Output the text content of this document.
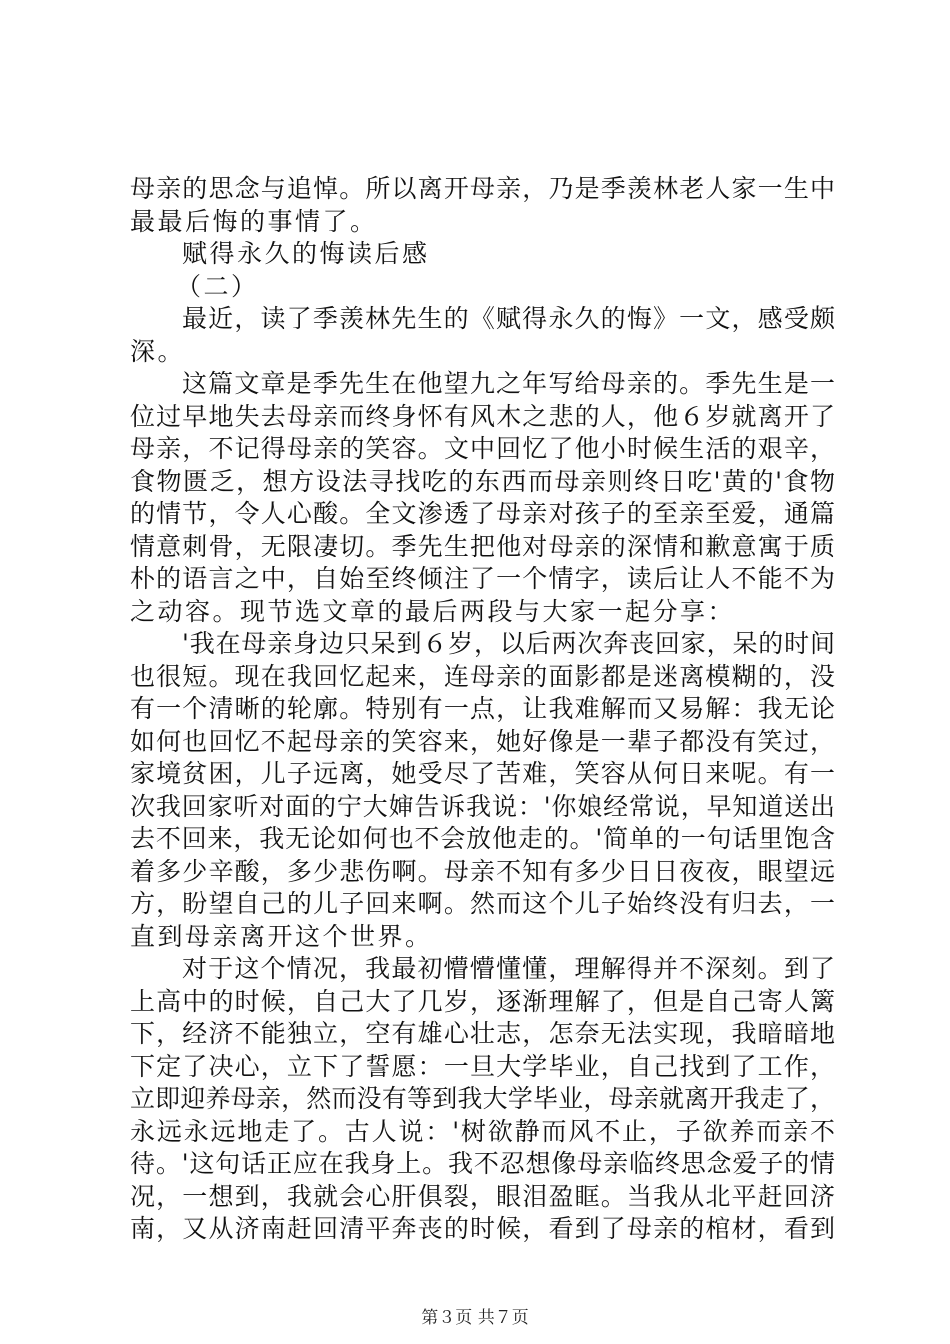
母亲的思念与追悼。所以离开母亲，乃是季羡林老人家一生中
最最后悔的事情了。
赋得永久的悔读后感
（二）
最近，读了季羡林先生的《赋得永久的悔》一文，感受颇
深。
这篇文章是季先生在他望九之年写给母亲的。季先生是一
位过早地失去母亲而终身怀有风木之悲的人，他６岁就离开了
母亲，不记得母亲的笑容。文中回忆了他小时候生活的艰辛，
食物匮乏，想方设法寻找吃的东西而母亲则终日吃'黄的'食物
的情节，令人心酸。全文渗透了母亲对孩子的至亲至爱，通篇
情意刺骨，无限凄切。季先生把他对母亲的深情和歉意寓于质
朴的语言之中，自始至终倾注了一个情字，读后让人不能不为
之动容。现节选文章的最后两段与大家一起分享：
'我在母亲身边只呆到６岁，以后两次奔丧回家，呆的时间
也很短。现在我回忆起来，连母亲的面影都是迷离模糊的，没
有一个清晰的轮廓。特别有一点，让我难解而又易解：我无论
如何也回忆不起母亲的笑容来，她好像是一辈子都没有笑过，
家境贫困，儿子远离，她受尽了苦难，笑容从何日来呢。有一
次我回家听对面的宁大婶告诉我说：'你娘经常说，早知道送出
去不回来，我无论如何也不会放他走的。'简单的一句话里饱含
着多少辛酸，多少悲伤啊。母亲不知有多少日日夜夜，眼望远
方，盼望自己的儿子回来啊。然而这个儿子始终没有归去，一
直到母亲离开这个世界。
对于这个情况，我最初懵懵懂懂，理解得并不深刻。到了
上高中的时候，自己大了几岁，逐渐理解了，但是自己寄人篱
下，经济不能独立，空有雄心壮志，怎奈无法实现，我暗暗地
下定了决心，立下了誓愿：一旦大学毕业，自己找到了工作，
立即迎养母亲，然而没有等到我大学毕业，母亲就离开我走了，
永远永远地走了。古人说：'树欲静而风不止，子欲养而亲不
待。'这句话正应在我身上。我不忍想像母亲临终思念爱子的情
况，一想到，我就会心肝俱裂，眼泪盈眶。当我从北平赶回济
南，又从济南赶回清平奔丧的时候，看到了母亲的棺材，看到
第３页 共７页
